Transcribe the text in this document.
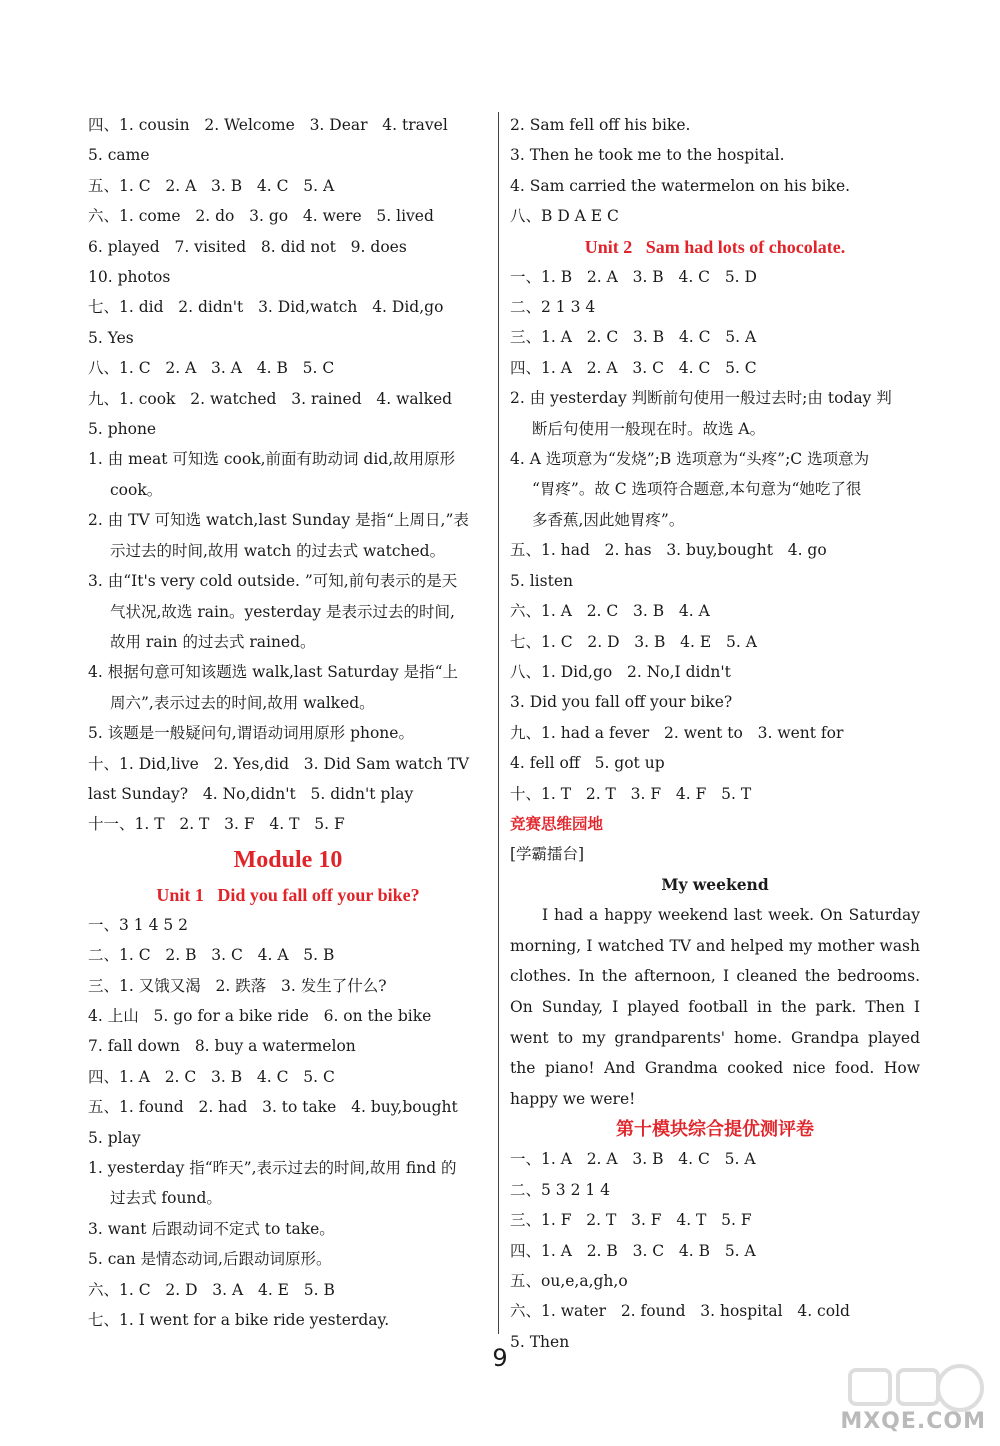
四、1. cousin   2. Welcome   3. Dear   4. travel
5. came
五、1. C   2. A   3. B   4. C   5. A
六、1. come   2. do   3. go   4. were   5. lived
6. played   7. visited   8. did not   9. does
10. photos
七、1. did   2. didn't   3. Did,watch   4. Did,go
5. Yes
八、1. C   2. A   3. A   4. B   5. C
九、1. cook   2. watched   3. rained   4. walked
5. phone
1. 由 meat 可知选 cook,前面有助动词 did,故用原形
cook。
2. 由 TV 可知选 watch,last Sunday 是指“上周日,”表
示过去的时间,故用 watch 的过去式 watched。
3. 由“It's very cold outside. ”可知,前句表示的是天
气状况,故选 rain。yesterday 是表示过去的时间,
故用 rain 的过去式 rained。
4. 根据句意可知该题选 walk,last Saturday 是指“上
周六”,表示过去的时间,故用 walked。
5. 该题是一般疑问句,谓语动词用原形 phone。
十、1. Did,live   2. Yes,did   3. Did Sam watch TV
last Sunday?   4. No,didn't   5. didn't play
十一、1. T   2. T   3. F   4. T   5. F
Module 10
Unit 1   Did you fall off your bike?
一、3 1 4 5 2
二、1. C   2. B   3. C   4. A   5. B
三、1. 又饿又渴   2. 跌落   3. 发生了什么?
4. 上山   5. go for a bike ride   6. on the bike
7. fall down   8. buy a watermelon
四、1. A   2. C   3. B   4. C   5. C
五、1. found   2. had   3. to take   4. buy,bought
5. play
1. yesterday 指“昨天”,表示过去的时间,故用 find 的
过去式 found。
3. want 后跟动词不定式 to take。
5. can 是情态动词,后跟动词原形。
六、1. C   2. D   3. A   4. E   5. B
七、1. I went for a bike ride yesterday.
2. Sam fell off his bike.
3. Then he took me to the hospital.
4. Sam carried the watermelon on his bike.
八、B D A E C
Unit 2   Sam had lots of chocolate.
一、1. B   2. A   3. B   4. C   5. D
二、2 1 3 4
三、1. A   2. C   3. B   4. C   5. A
四、1. A   2. A   3. C   4. C   5. C
2. 由 yesterday 判断前句使用一般过去时;由 today 判
断后句使用一般现在时。故选 A。
4. A 选项意为“发烧”;B 选项意为“头疼”;C 选项意为
“胃疼”。故 C 选项符合题意,本句意为“她吃了很
多香蕉,因此她胃疼”。
五、1. had   2. has   3. buy,bought   4. go
5. listen
六、1. A   2. C   3. B   4. A
七、1. C   2. D   3. B   4. E   5. A
八、1. Did,go   2. No,I didn't
3. Did you fall off your bike?
九、1. had a fever   2. went to   3. went for
4. fell off   5. got up
十、1. T   2. T   3. F   4. F   5. T
竞赛思维园地
[学霸擂台]
My weekend

I had a happy weekend last week. On Saturday morning, I watched TV and helped my mother wash clothes. In the afternoon, I cleaned the bedrooms. On Sunday, I played football in the park. Then I went to my grandparents' home. Grandpa played the piano! And Grandma cooked nice food. How happy we were!

第十模块综合提优测评卷
一、1. A   2. A   3. B   4. C   5. A
二、5 3 2 1 4
三、1. F   2. T   3. F   4. T   5. F
四、1. A   2. B   3. C   4. B   5. A
五、ou,e,a,gh,o
六、1. water   2. found   3. hospital   4. cold
5. Then
9
MXQE.COM
